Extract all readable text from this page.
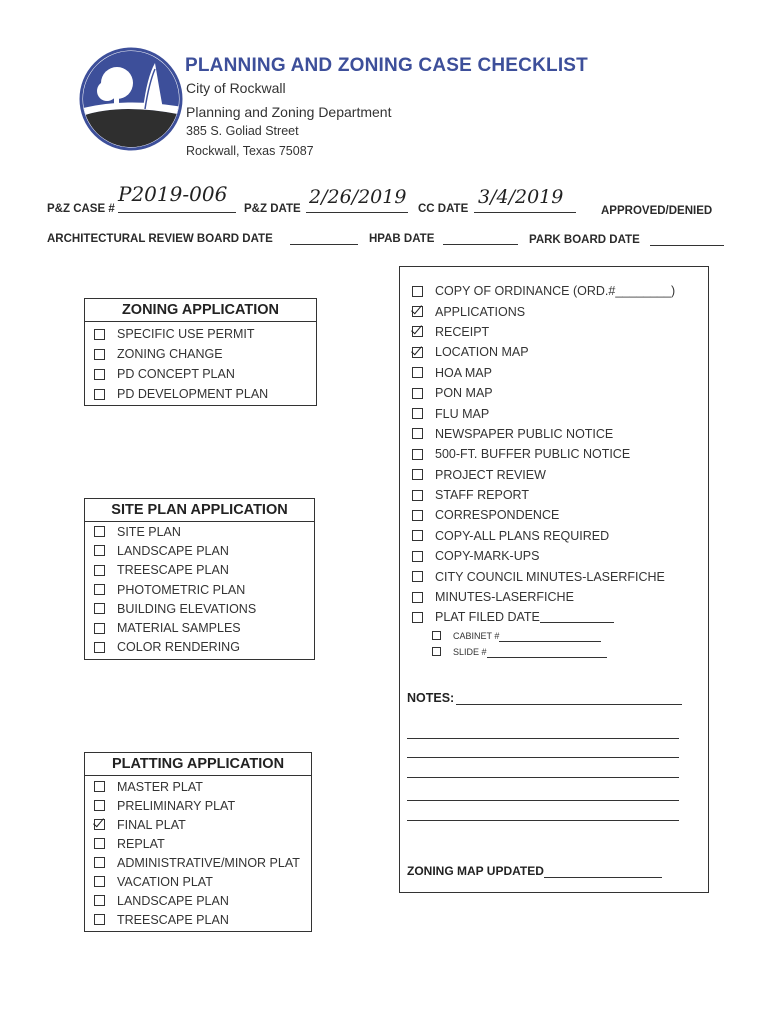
PLANNING AND ZONING CASE CHECKLIST
City of Rockwall
Planning and Zoning Department
385 S. Goliad Street
Rockwall, Texas 75087
P&Z CASE #
P2019-006
P&Z DATE
2/26/2019
CC DATE
3/4/2019
APPROVED/DENIED
ARCHITECTURAL REVIEW BOARD DATE	HPAB DATE	PARK BOARD DATE
ZONING APPLICATION
SPECIFIC USE PERMIT
ZONING CHANGE
PD CONCEPT PLAN
PD DEVELOPMENT PLAN
SITE PLAN APPLICATION
SITE PLAN
LANDSCAPE PLAN
TREESCAPE PLAN
PHOTOMETRIC PLAN
BUILDING ELEVATIONS
MATERIAL SAMPLES
COLOR RENDERING
PLATTING APPLICATION
MASTER PLAT
PRELIMINARY PLAT
FINAL PLAT
REPLAT
ADMINISTRATIVE/MINOR PLAT
VACATION PLAT
LANDSCAPE PLAN
TREESCAPE PLAN
COPY OF ORDINANCE (ORD.#________)
APPLICATIONS
RECEIPT
LOCATION MAP
HOA MAP
PON MAP
FLU MAP
NEWSPAPER PUBLIC NOTICE
500-FT. BUFFER PUBLIC NOTICE
PROJECT REVIEW
STAFF REPORT
CORRESPONDENCE
COPY-ALL PLANS REQUIRED
COPY-MARK-UPS
CITY COUNCIL MINUTES-LASERFICHE
MINUTES-LASERFICHE
PLAT FILED DATE
CABINET #
SLIDE #
NOTES:
ZONING MAP UPDATED
